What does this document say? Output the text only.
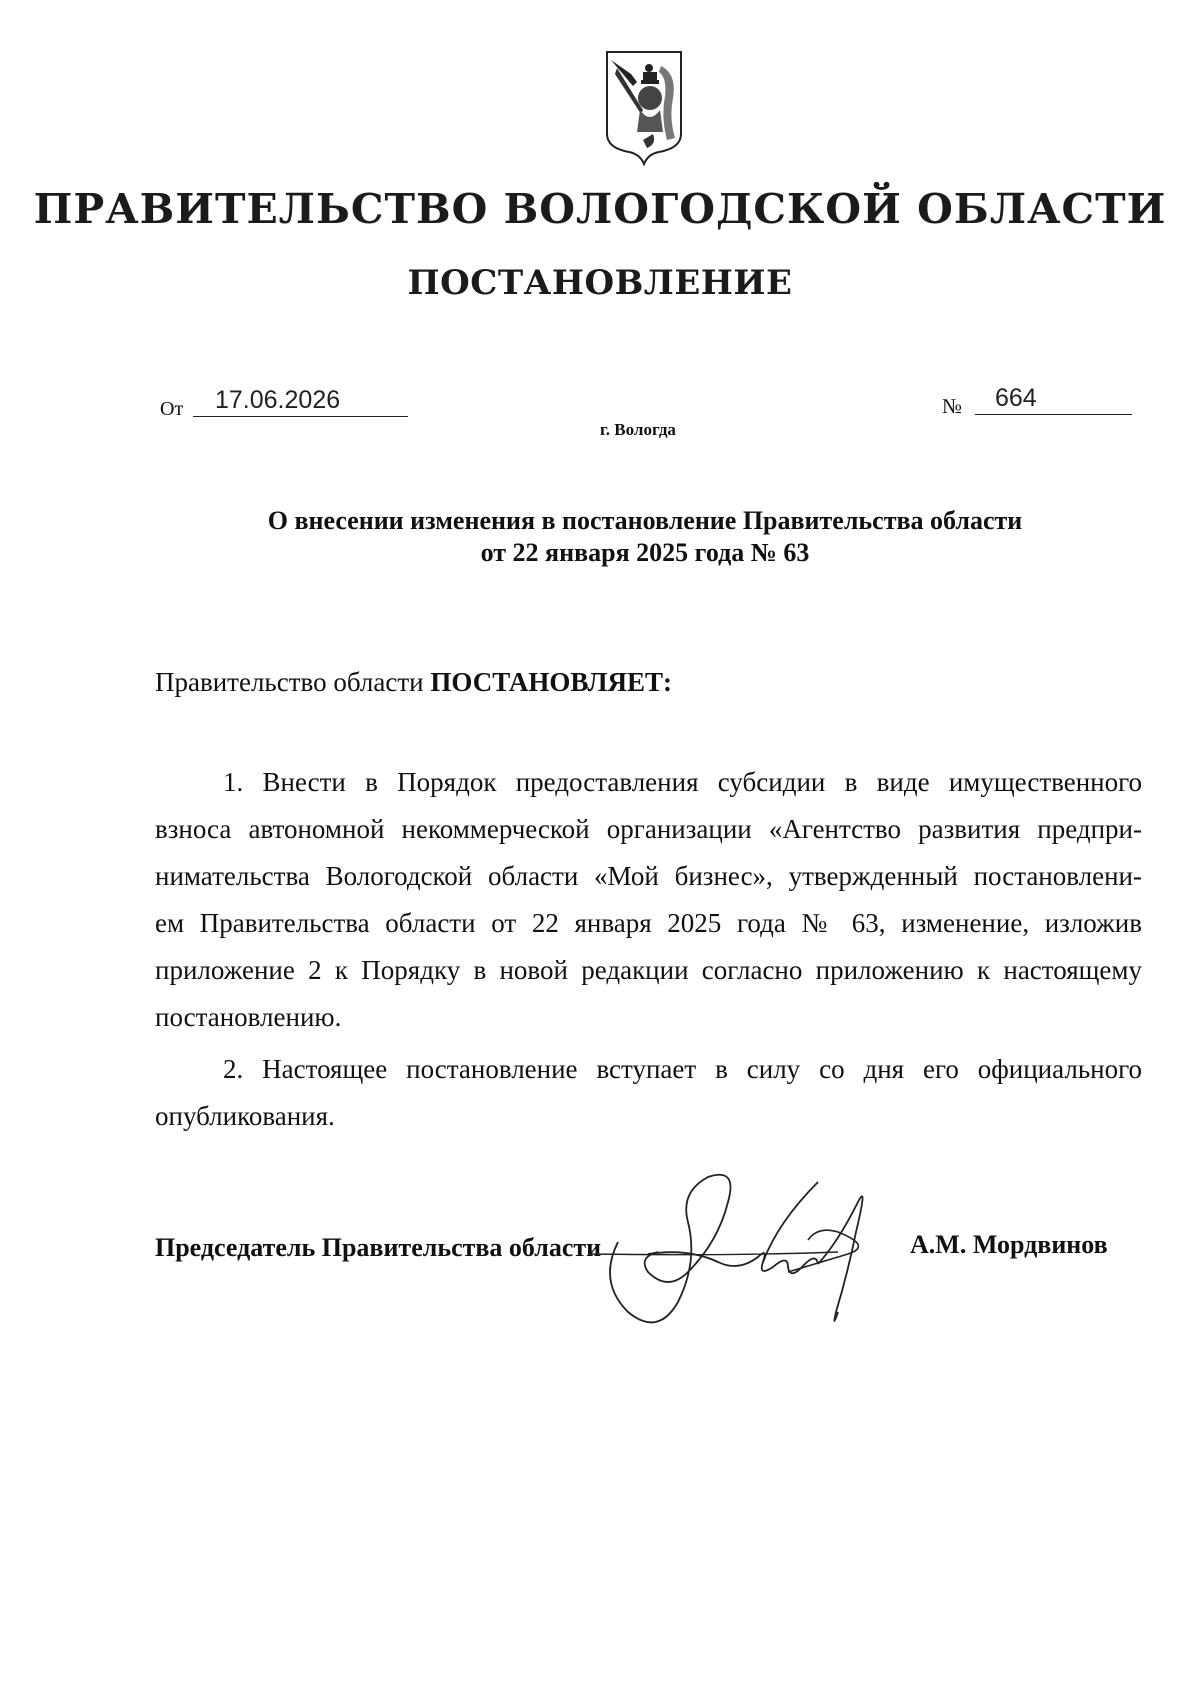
ПРАВИТЕЛЬСТВО ВОЛОГОДСКОЙ ОБЛАСТИ
ПОСТАНОВЛЕНИЕ
От 17.06.2026	№ 664
г. Вологда
О внесении изменения в постановление Правительства области
от 22 января 2025 года № 63
Правительство области ПОСТАНОВЛЯЕТ:
1. Внести в Порядок предоставления субсидии в виде имущественного
взноса автономной некоммерческой организации «Агентство развития предпри-
нимательства Вологодской области «Мой бизнес», утвержденный постановлени-
ем Правительства области от 22 января 2025 года № 63, изменение, изложив
приложение 2 к Порядку в новой редакции согласно приложению к настоящему
постановлению.
2. Настоящее постановление вступает в силу со дня его официального
опубликования.
Председатель Правительства области	А.М. Мордвинов
